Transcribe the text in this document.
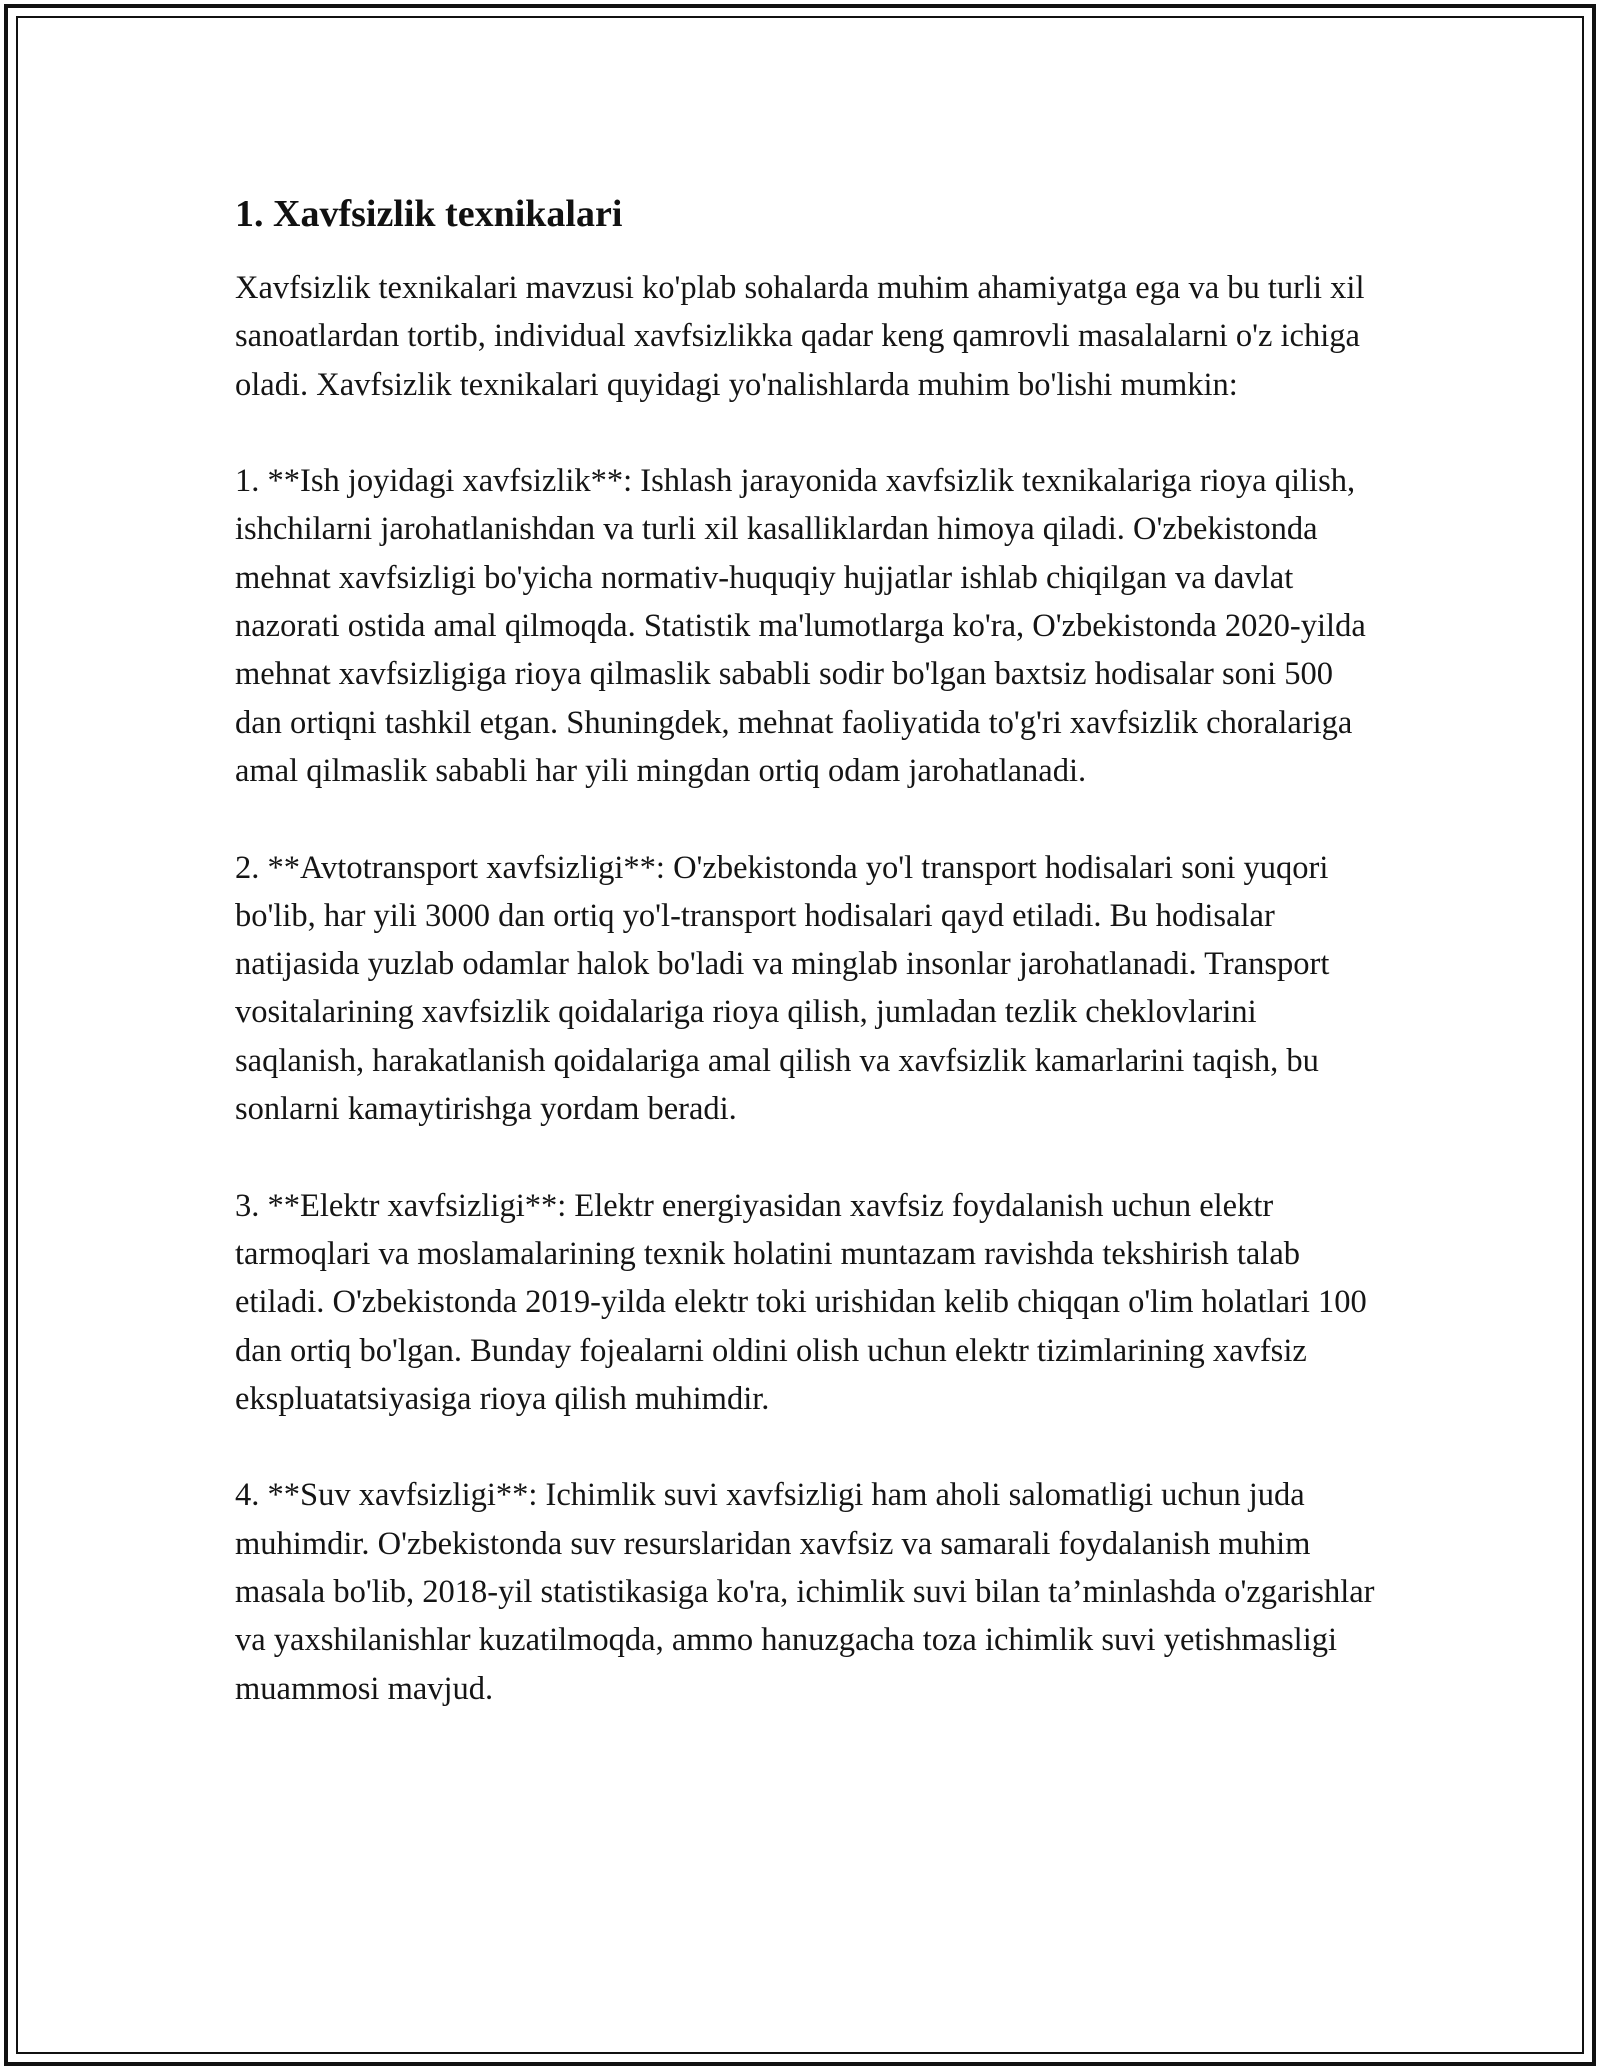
1. Xavfsizlik texnikalari

Xavfsizlik texnikalari mavzusi ko'plab sohalarda muhim ahamiyatga ega va bu turli xil sanoatlardan tortib, individual xavfsizlikka qadar keng qamrovli masalalarni o'z ichiga oladi. Xavfsizlik texnikalari quyidagi yo'nalishlarda muhim bo'lishi mumkin:

1. **Ish joyidagi xavfsizlik**: Ishlash jarayonida xavfsizlik texnikalariga rioya qilish, ishchilarni jarohatlanishdan va turli xil kasalliklardan himoya qiladi. O'zbekistonda mehnat xavfsizligi bo'yicha normativ-huquqiy hujjatlar ishlab chiqilgan va davlat nazorati ostida amal qilmoqda. Statistik ma'lumotlarga ko'ra, O'zbekistonda 2020-yilda mehnat xavfsizligiga rioya qilmaslik sababli sodir bo'lgan baxtsiz hodisalar soni 500 dan ortiqni tashkil etgan. Shuningdek, mehnat faoliyatida to'g'ri xavfsizlik choralariga amal qilmaslik sababli har yili mingdan ortiq odam jarohatlanadi.

2. **Avtotransport xavfsizligi**: O'zbekistonda yo'l transport hodisalari soni yuqori bo'lib, har yili 3000 dan ortiq yo'l-transport hodisalari qayd etiladi. Bu hodisalar natijasida yuzlab odamlar halok bo'ladi va minglab insonlar jarohatlanadi. Transport vositalarining xavfsizlik qoidalariga rioya qilish, jumladan tezlik cheklovlarini saqlanish, harakatlanish qoidalariga amal qilish va xavfsizlik kamarlarini taqish, bu sonlarni kamaytirishga yordam beradi.

3. **Elektr xavfsizligi**: Elektr energiyasidan xavfsiz foydalanish uchun elektr tarmoqlari va moslamalarining texnik holatini muntazam ravishda tekshirish talab etiladi. O'zbekistonda 2019-yilda elektr toki urishidan kelib chiqqan o'lim holatlari 100 dan ortiq bo'lgan. Bunday fojealarni oldini olish uchun elektr tizimlarining xavfsiz ekspluatatsiyasiga rioya qilish muhimdir.

4. **Suv xavfsizligi**: Ichimlik suvi xavfsizligi ham aholi salomatligi uchun juda muhimdir. O'zbekistonda suv resurslaridan xavfsiz va samarali foydalanish muhim masala bo'lib, 2018-yil statistikasiga ko'ra, ichimlik suvi bilan ta’minlashda o'zgarishlar va yaxshilanishlar kuzatilmoqda, ammo hanuzgacha toza ichimlik suvi yetishmasligi muammosi mavjud.
